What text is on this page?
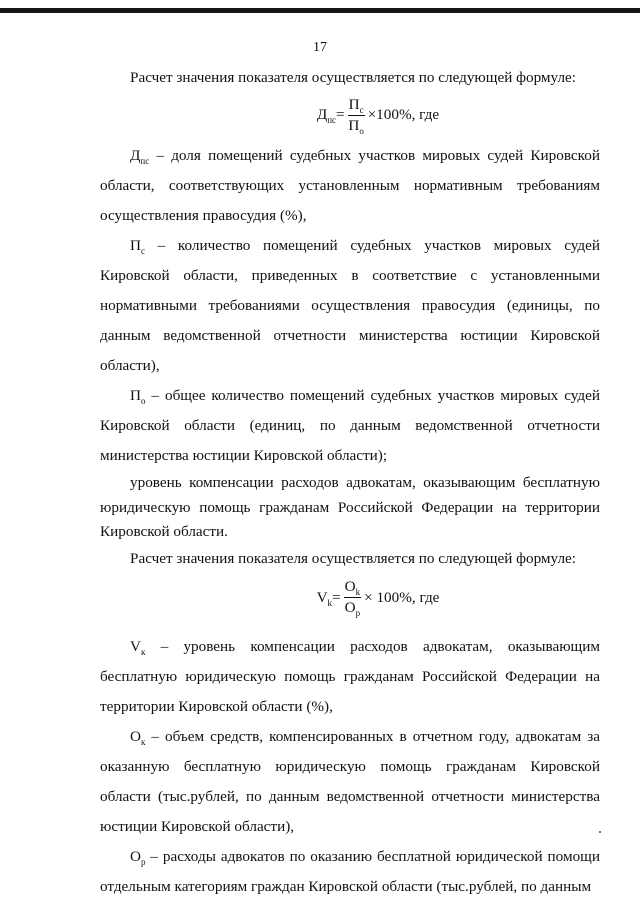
17

Расчет значения показателя осуществляется по следующей формуле:

$Д_{пс} = \frac{П_с}{П_о} \times 100\%$, где

$Д_{пс}$ – доля помещений судебных участков мировых судей Кировской области, соответствующих установленным нормативным требованиям осуществления правосудия (%),

$П_с$ – количество помещений судебных участков мировых судей Кировской области, приведенных в соответствие с установленными нормативными требованиями осуществления правосудия (единицы, по данным ведомственной отчетности министерства юстиции Кировской области),

$П_о$ – общее количество помещений судебных участков мировых судей Кировской области (единиц, по данным ведомственной отчетности министерства юстиции Кировской области);

уровень компенсации расходов адвокатам, оказывающим бесплатную юридическую помощь гражданам Российской Федерации на территории Кировской области.

Расчет значения показателя осуществляется по следующей формуле:

$V_k = \frac{O_k}{O_p} \times 100\%$, где

$V_к$ – уровень компенсации расходов адвокатам, оказывающим бесплатную юридическую помощь гражданам Российской Федерации на территории Кировской области (%),

$О_к$ – объем средств, компенсированных в отчетном году, адвокатам за оказанную бесплатную юридическую помощь гражданам Кировской области (тыс.рублей, по данным ведомственной отчетности министерства юстиции Кировской области),

$О_р$ – расходы адвокатов по оказанию бесплатной юридической помощи отдельным категориям граждан Кировской области (тыс.рублей, по данным
